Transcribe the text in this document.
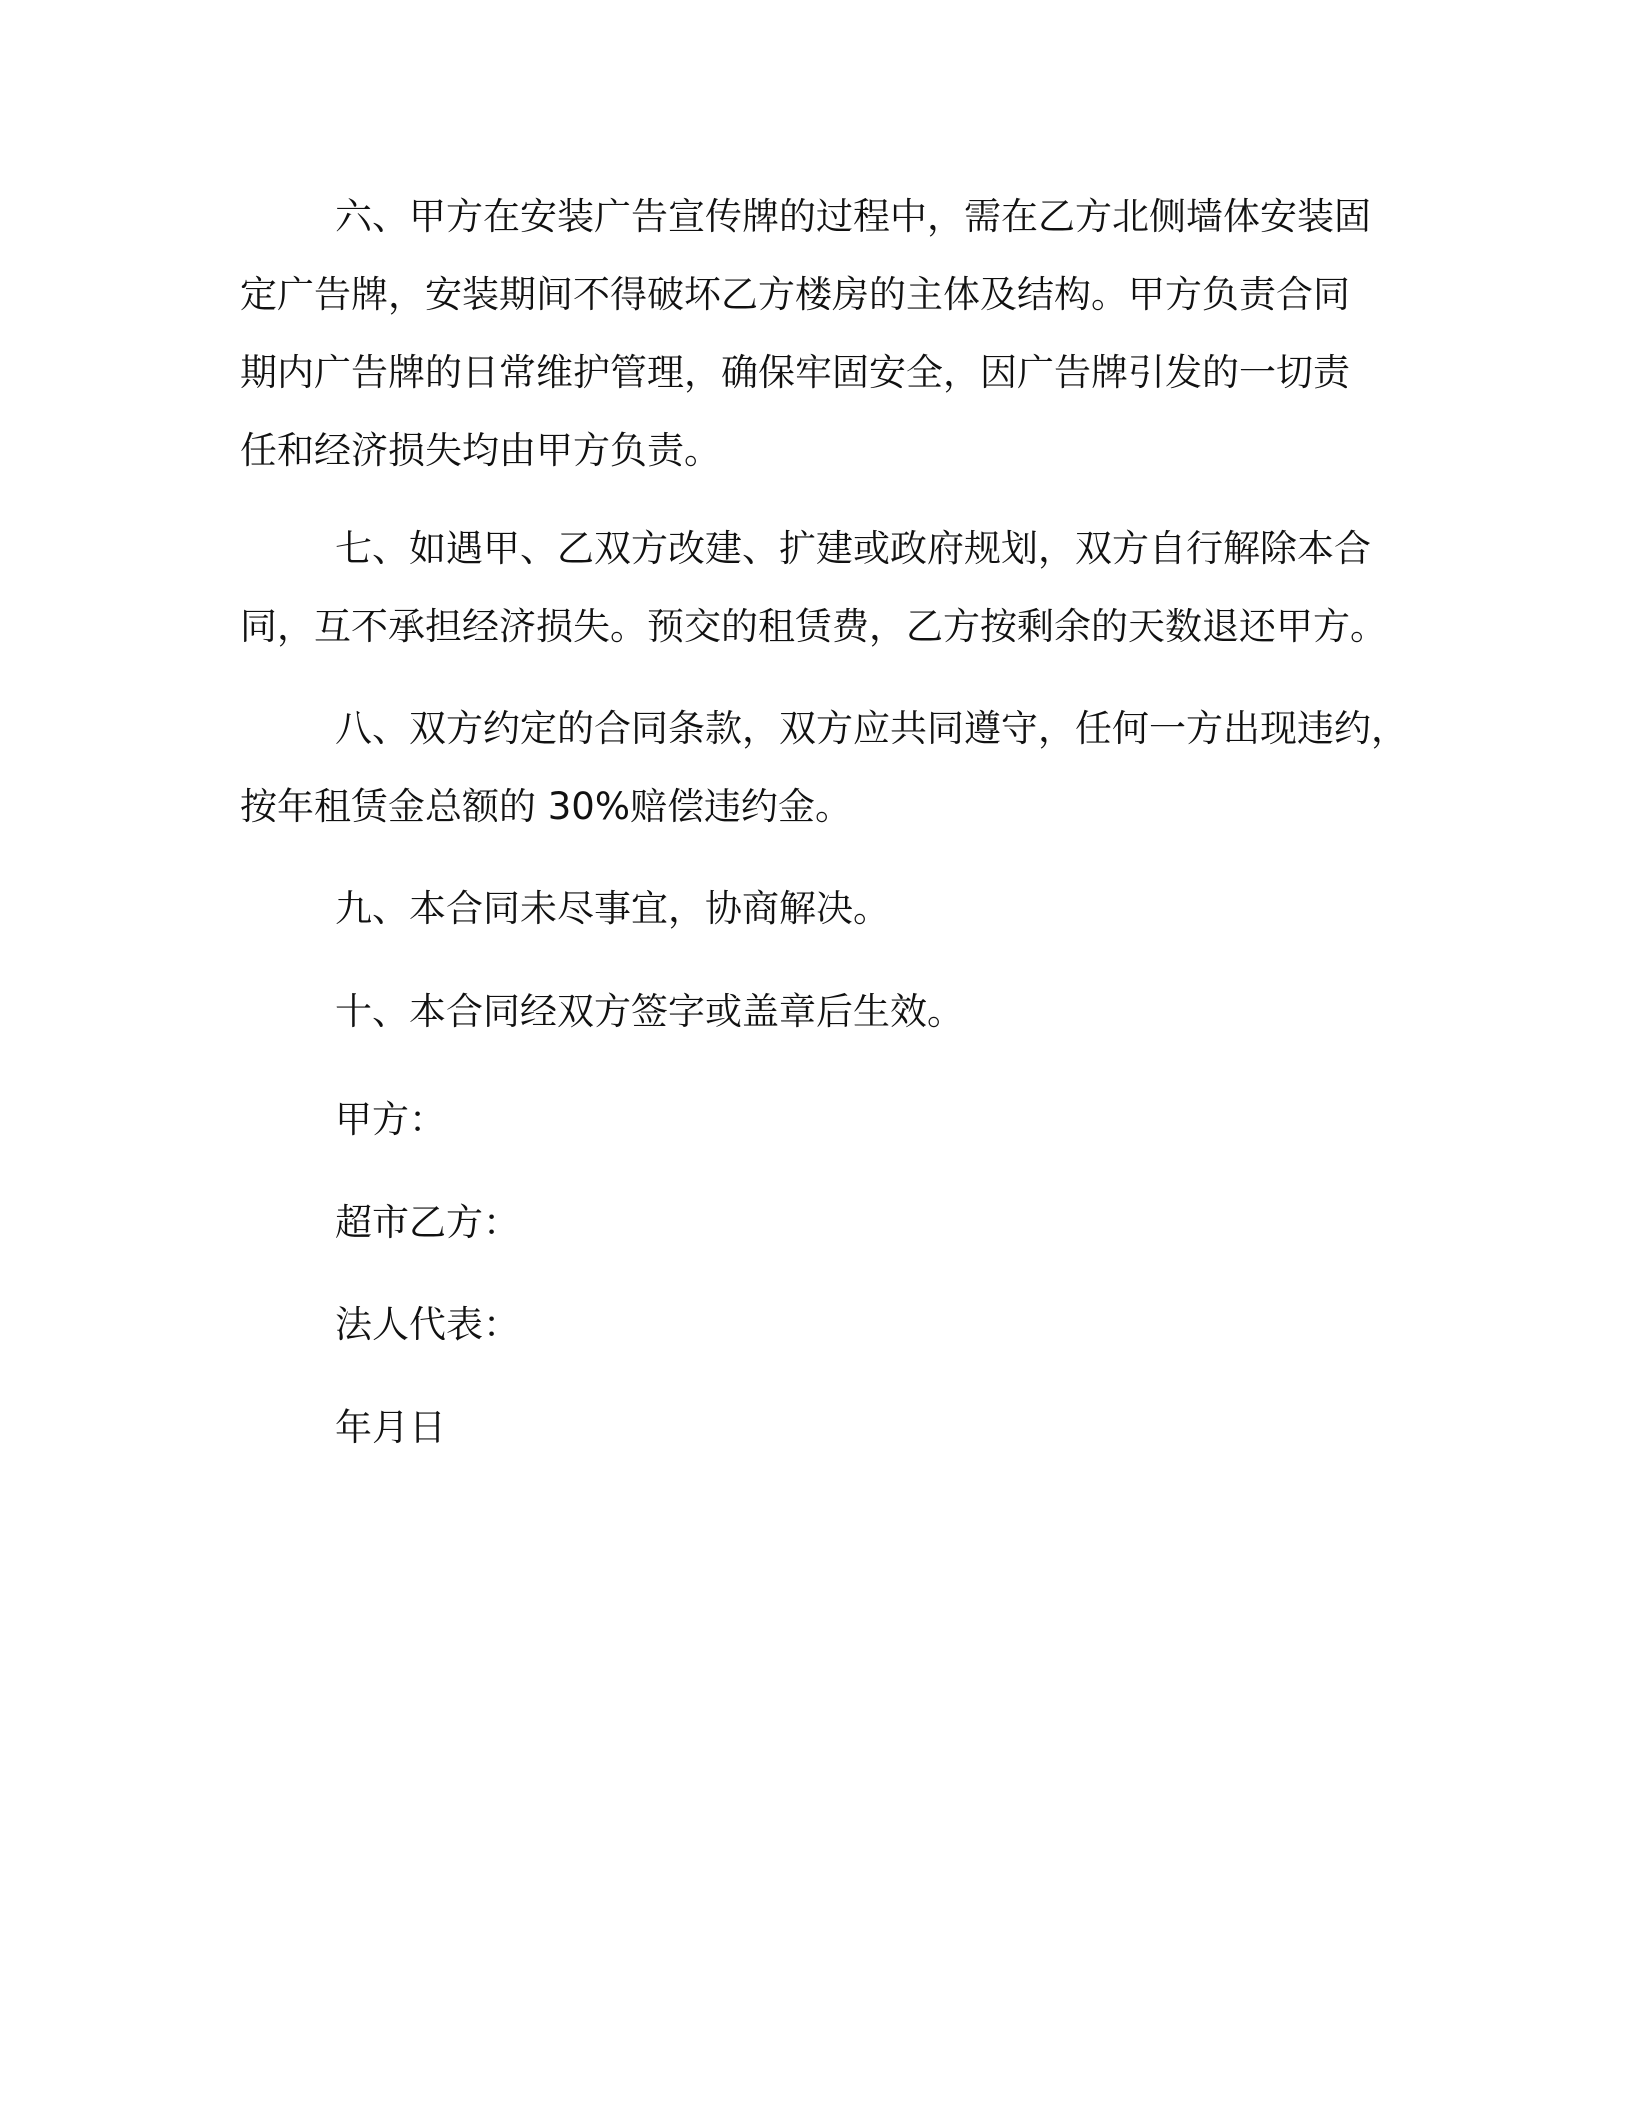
六、甲方在安装广告宣传牌的过程中，需在乙方北侧墙体安装固
定广告牌，安装期间不得破坏乙方楼房的主体及结构。甲方负责合同
期内广告牌的日常维护管理，确保牢固安全，因广告牌引发的一切责
任和经济损失均由甲方负责。
七、如遇甲、乙双方改建、扩建或政府规划，双方自行解除本合
同，互不承担经济损失。预交的租赁费，乙方按剩余的天数退还甲方。
八、双方约定的合同条款，双方应共同遵守，任何一方出现违约，
按年租赁金总额的 30%赔偿违约金。
九、本合同未尽事宜，协商解决。
十、本合同经双方签字或盖章后生效。
甲方：
超市乙方：
法人代表：
年月日
